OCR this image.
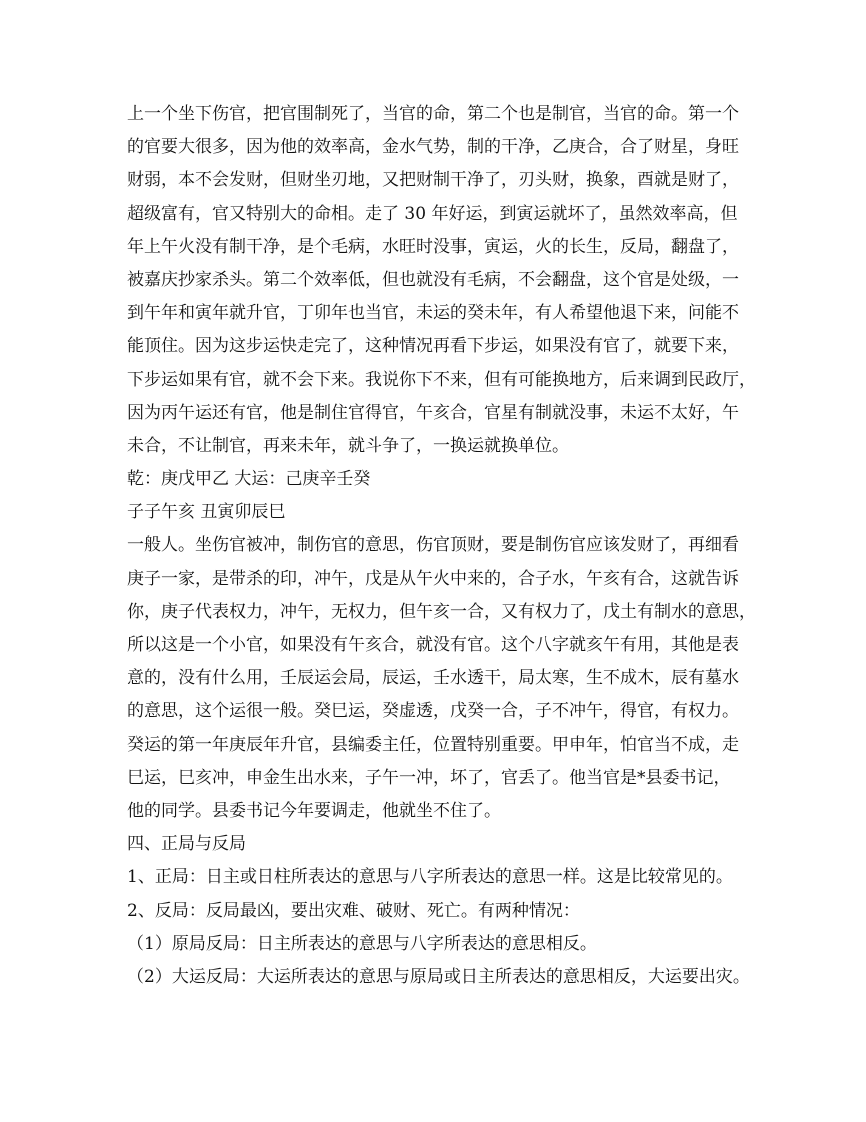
上一个坐下伤官，把官围制死了，当官的命，第二个也是制官，当官的命。第一个
的官要大很多，因为他的效率高，金水气势，制的干净，乙庚合，合了财星，身旺
财弱，本不会发财，但财坐刃地，又把财制干净了，刃头财，换象，酉就是财了，
超级富有，官又特别大的命相。走了 30 年好运，到寅运就坏了，虽然效率高，但
年上午火没有制干净，是个毛病，水旺时没事，寅运，火的长生，反局，翻盘了，
被嘉庆抄家杀头。第二个效率低，但也就没有毛病，不会翻盘，这个官是处级，一
到午年和寅年就升官，丁卯年也当官，未运的癸未年，有人希望他退下来，问能不
能顶住。因为这步运快走完了，这种情况再看下步运，如果没有官了，就要下来，
下步运如果有官，就不会下来。我说你下不来，但有可能换地方，后来调到民政厅，
因为丙午运还有官，他是制住官得官，午亥合，官星有制就没事，未运不太好，午
未合，不让制官，再来未年，就斗争了，一换运就换单位。
乾：庚戊甲乙 大运：己庚辛壬癸
子子午亥 丑寅卯辰巳
一般人。坐伤官被冲，制伤官的意思，伤官顶财，要是制伤官应该发财了，再细看
庚子一家，是带杀的印，冲午，戊是从午火中来的，合子水，午亥有合，这就告诉
你，庚子代表权力，冲午，无权力，但午亥一合，又有权力了，戊土有制水的意思，
所以这是一个小官，如果没有午亥合，就没有官。这个八字就亥午有用，其他是表
意的，没有什么用，壬辰运会局，辰运，壬水透干，局太寒，生不成木，辰有墓水
的意思，这个运很一般。癸巳运，癸虚透，戊癸一合，子不冲午，得官，有权力。
癸运的第一年庚辰年升官，县编委主任，位置特别重要。甲申年，怕官当不成，走
巳运，巳亥冲，申金生出水来，子午一冲，坏了，官丢了。他当官是*县委书记，
他的同学。县委书记今年要调走，他就坐不住了。
四、正局与反局
1、正局：日主或日柱所表达的意思与八字所表达的意思一样。这是比较常见的。
2、反局：反局最凶，要出灾难、破财、死亡。有两种情况：
（1）原局反局：日主所表达的意思与八字所表达的意思相反。
（2）大运反局：大运所表达的意思与原局或日主所表达的意思相反，大运要出灾。
